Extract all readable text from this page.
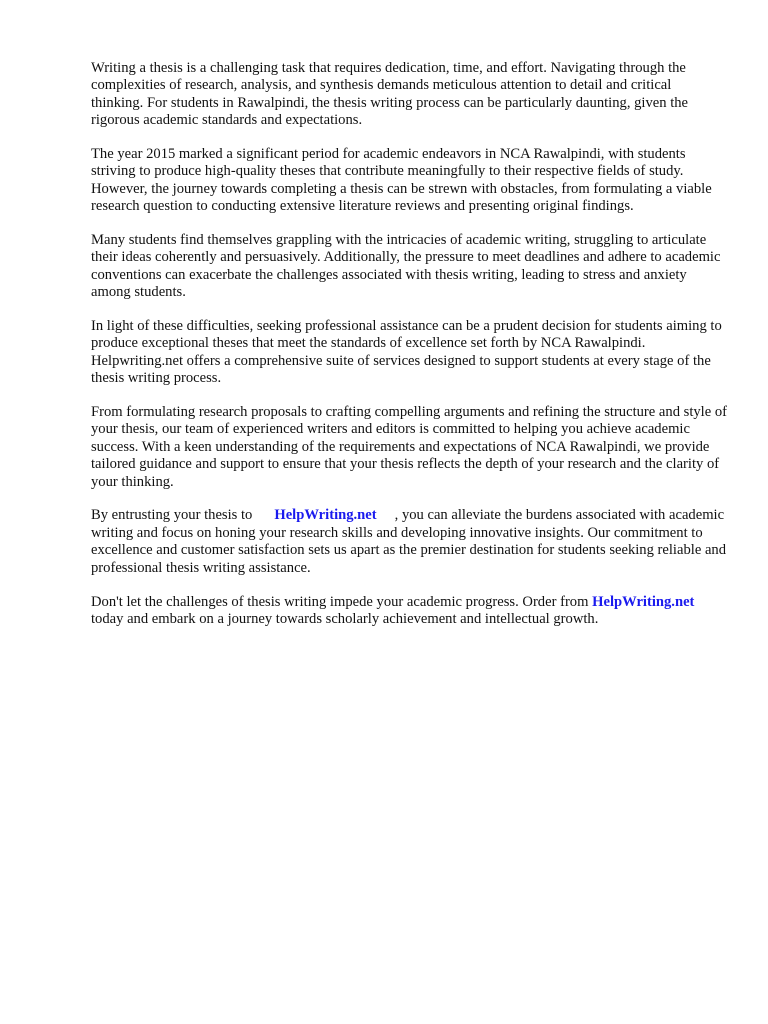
Writing a thesis is a challenging task that requires dedication, time, and effort. Navigating through the complexities of research, analysis, and synthesis demands meticulous attention to detail and critical thinking. For students in Rawalpindi, the thesis writing process can be particularly daunting, given the rigorous academic standards and expectations.

The year 2015 marked a significant period for academic endeavors in NCA Rawalpindi, with students striving to produce high-quality theses that contribute meaningfully to their respective fields of study. However, the journey towards completing a thesis can be strewn with obstacles, from formulating a viable research question to conducting extensive literature reviews and presenting original findings.

Many students find themselves grappling with the intricacies of academic writing, struggling to articulate their ideas coherently and persuasively. Additionally, the pressure to meet deadlines and adhere to academic conventions can exacerbate the challenges associated with thesis writing, leading to stress and anxiety among students.

In light of these difficulties, seeking professional assistance can be a prudent decision for students aiming to produce exceptional theses that meet the standards of excellence set forth by NCA Rawalpindi. Helpwriting.net offers a comprehensive suite of services designed to support students at every stage of the thesis writing process.

From formulating research proposals to crafting compelling arguments and refining the structure and style of your thesis, our team of experienced writers and editors is committed to helping you achieve academic success. With a keen understanding of the requirements and expectations of NCA Rawalpindi, we provide tailored guidance and support to ensure that your thesis reflects the depth of your research and the clarity of your thinking.

By entrusting your thesis to HelpWriting.net , you can alleviate the burdens associated with academic writing and focus on honing your research skills and developing innovative insights. Our commitment to excellence and customer satisfaction sets us apart as the premier destination for students seeking reliable and professional thesis writing assistance.

Don't let the challenges of thesis writing impede your academic progress. Order from HelpWriting.nettoday and embark on a journey towards scholarly achievement and intellectual growth.
